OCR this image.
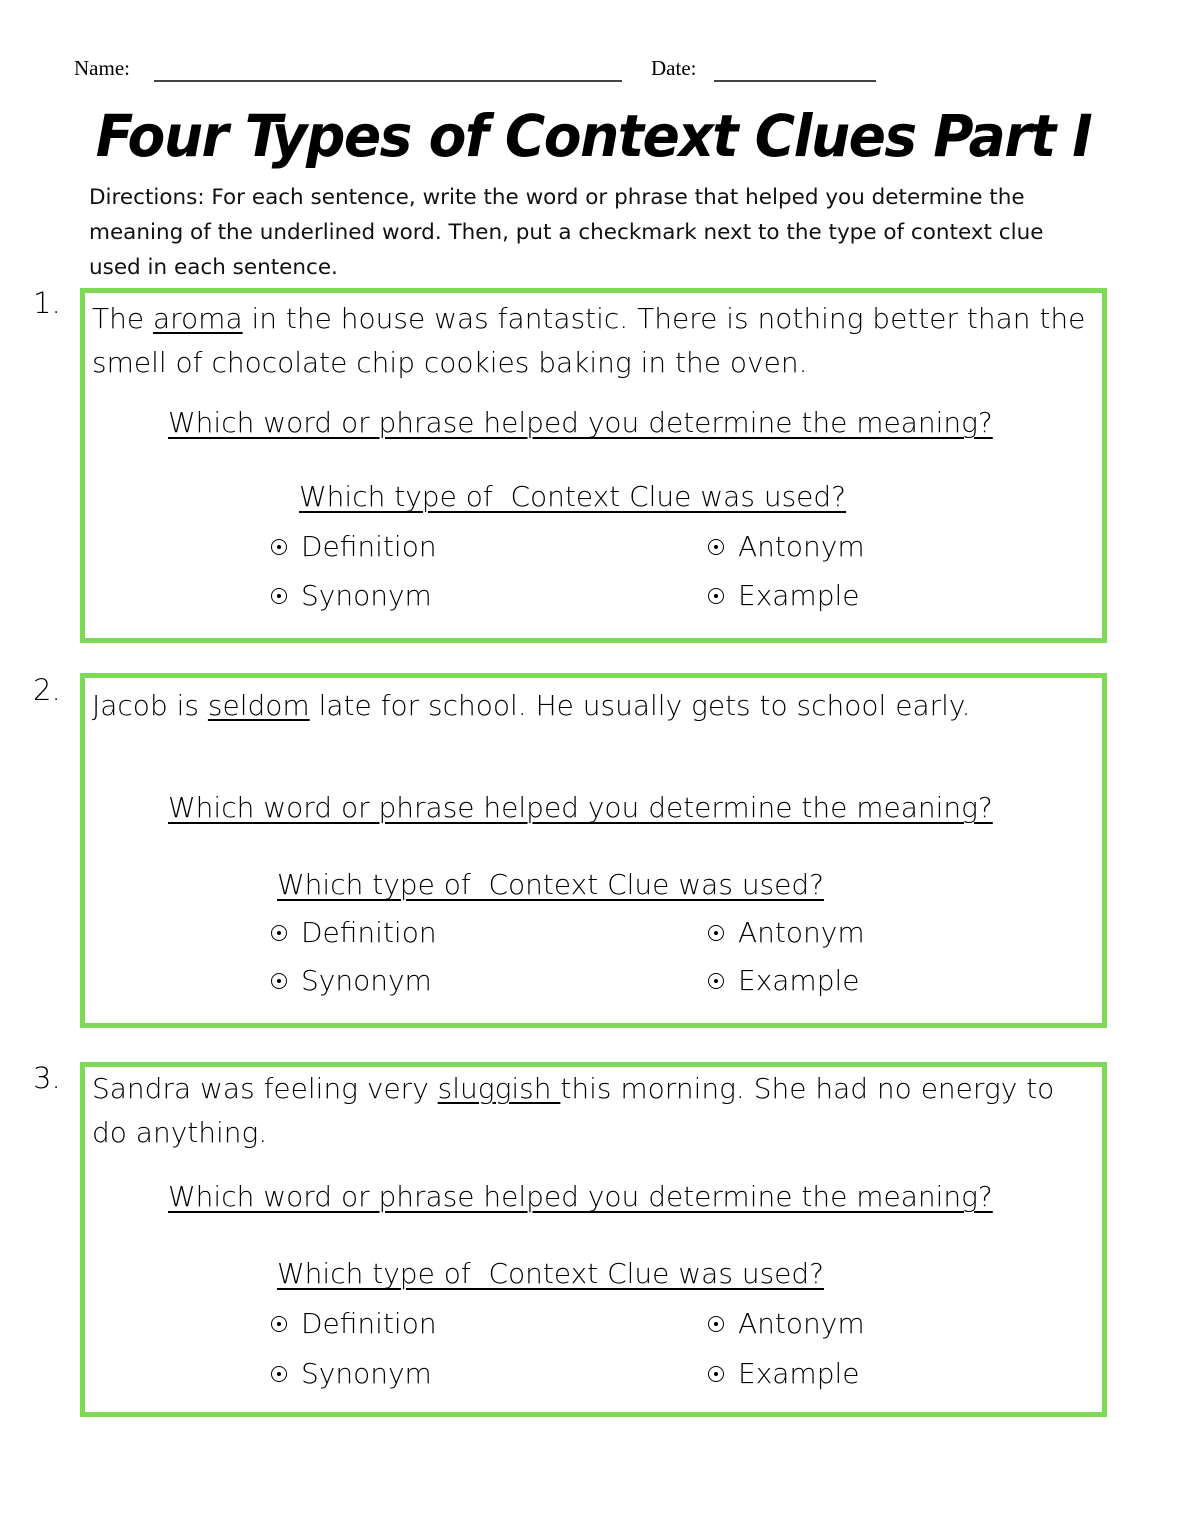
Name:	Date:
Four Types of Context Clues Part I
Directions: For each sentence, write the word or phrase that helped you determine the meaning of the underlined word. Then, put a checkmark next to the type of context clue used in each sentence.
1. The aroma in the house was fantastic. There is nothing better than the smell of chocolate chip cookies baking in the oven.
Which word or phrase helped you determine the meaning?
Which type of  Context Clue was used?
Definition	Antonym
Synonym	Example
2. Jacob is seldom late for school. He usually gets to school early.
Which word or phrase helped you determine the meaning?
Which type of  Context Clue was used?
Definition	Antonym
Synonym	Example
3. Sandra was feeling very sluggish this morning. She had no energy to do anything.
Which word or phrase helped you determine the meaning?
Which type of  Context Clue was used?
Definition	Antonym
Synonym	Example
